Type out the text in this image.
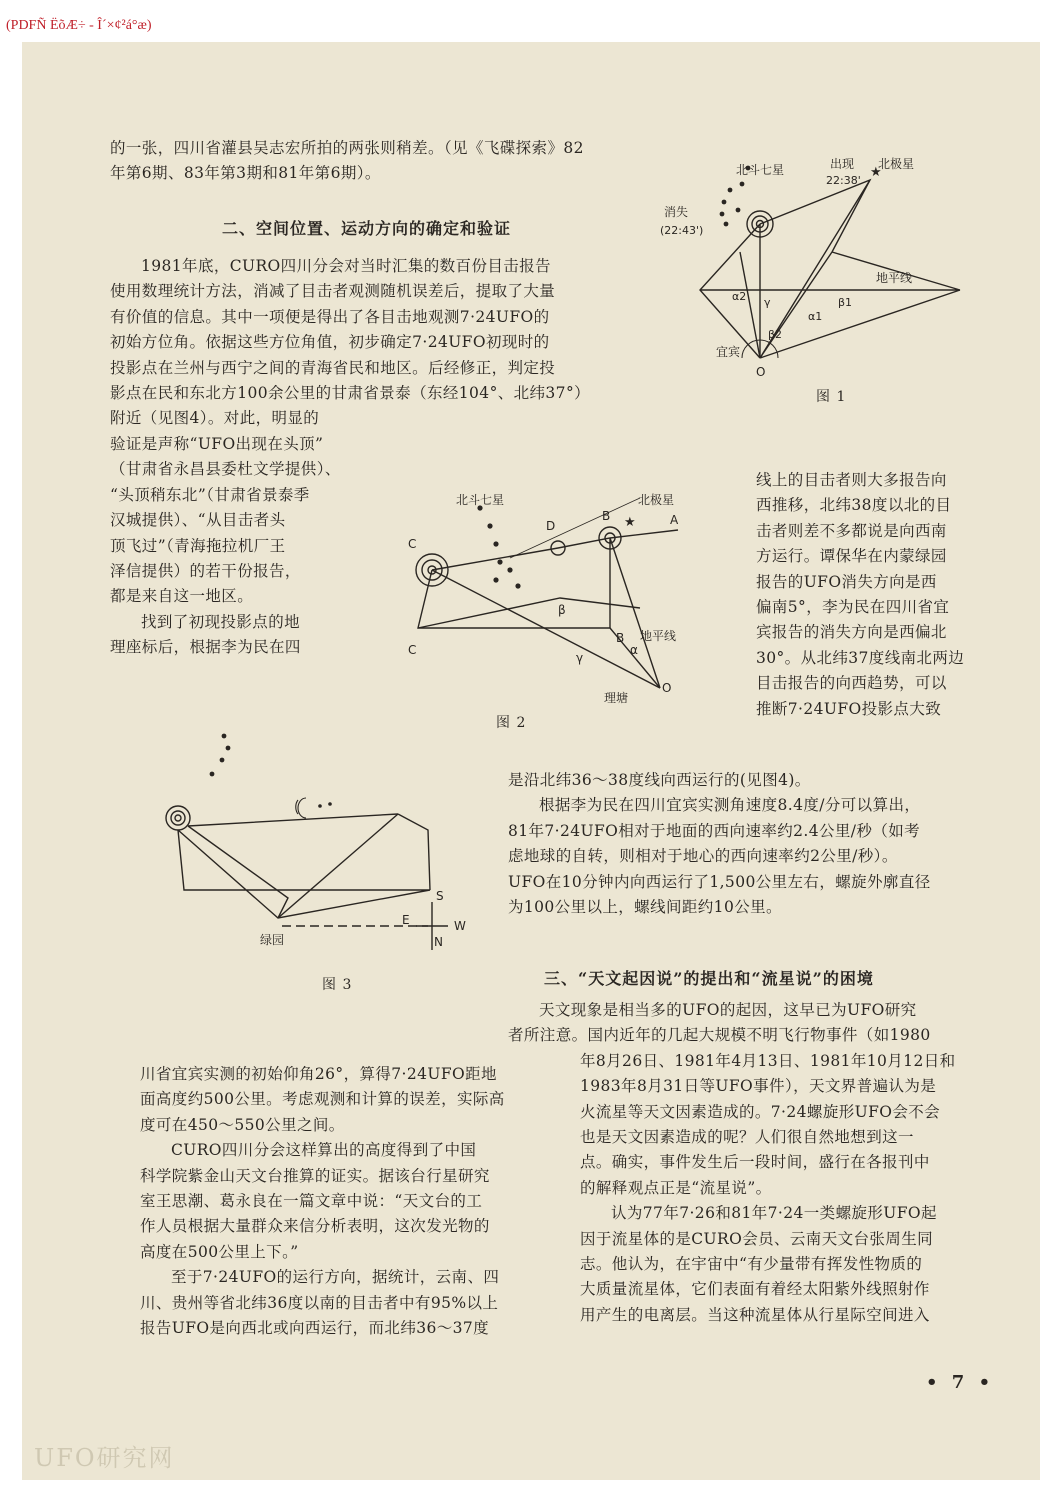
(PDFÑ ËõÆ÷ - Î´×¢²á°æ)

的一张，四川省灌县吴志宏所拍的两张则稍差。（见《飞碟探索》82

年第6期、83年第3期和81年第6期）。

二、空间位置、运动方向的确定和验证

1981年底，CURO四川分会对当时汇集的数百份目击报告

使用数理统计方法，消减了目击者观测随机误差后，提取了大量

有价值的信息。其中一项便是得出了各目击地观测7·24UFO的

初始方位角。依据这些方位角值，初步确定7·24UFO初现时的

投影点在兰州与西宁之间的青海省民和地区。后经修正，判定投

影点在民和东北方100余公里的甘肃省景泰（东经104°、北纬37°）

附近（见图4）。对此，明显的

验证是声称“UFO出现在头顶”

（甘肃省永昌县委杜文学提供）、

“头顶稍东北”（甘肃省景泰季

汉城提供）、“从目击者头

顶飞过”（青海拖拉机厂王

泽信提供）的若干份报告，

都是来自这一地区。

找到了初现投影点的地

理座标后，根据李为民在四

北斗七星	出现
22:38'
北极星
消失
(22:43')
地平线
宜宾
O
β1
α1
α2
β2
γ
★
图 1

线上的目击者则大多报告向

西推移，北纬38度以北的目

击者则差不多都说是向西南

方运行。谭保华在内蒙绿园

报告的UFO消失方向是西

偏南5°，李为民在四川省宜

宾报告的消失方向是西偏北

30°。从北纬37度线南北两边

目击报告的向西趋势，可以

推断7·24UFO投影点大致

北斗七星	北极星
A
B
D
C
C
B
β
α
γ
地平线
理塘
O
★
图 2
绿园
S
N
E	W
图 3

是沿北纬36～38度线向西运行的(见图4)。

根据李为民在四川宜宾实测角速度8.4度/分可以算出，

81年7·24UFO相对于地面的西向速率约2.4公里/秒（如考

虑地球的自转，则相对于地心的西向速率约2公里/秒）。

UFO在10分钟内向西运行了1,500公里左右，螺旋外廓直径

为100公里以上，螺线间距约10公里。

三、“天文起因说”的提出和“流星说”的困境

天文现象是相当多的UFO的起因，这早已为UFO研究

者所注意。国内近年的几起大规模不明飞行物事件（如1980

年8月26日、1981年4月13日、1981年10月12日和

1983年8月31日等UFO事件），天文界普遍认为是

火流星等天文因素造成的。7·24螺旋形UFO会不会

也是天文因素造成的呢？人们很自然地想到这一

点。确实，事件发生后一段时间，盛行在各报刊中

的解释观点正是“流星说”。

认为77年7·26和81年7·24一类螺旋形UFO起

因于流星体的是CURO会员、云南天文台张周生同

志。他认为，在宇宙中“有少量带有挥发性物质的

大质量流星体，它们表面有着经太阳紫外线照射作

用产生的电离层。当这种流星体从行星际空间进入

川省宜宾实测的初始仰角26°，算得7·24UFO距地

面高度约500公里。考虑观测和计算的误差，实际高

度可在450～550公里之间。

CURO四川分会这样算出的高度得到了中国

科学院紫金山天文台推算的证实。据该台行星研究

室王思潮、葛永良在一篇文章中说：“天文台的工

作人员根据大量群众来信分析表明，这次发光物的

高度在500公里上下。”

至于7·24UFO的运行方向，据统计，云南、四

川、贵州等省北纬36度以南的目击者中有95%以上

报告UFO是向西北或向西运行，而北纬36～37度

• 7 •
UFO研究网
